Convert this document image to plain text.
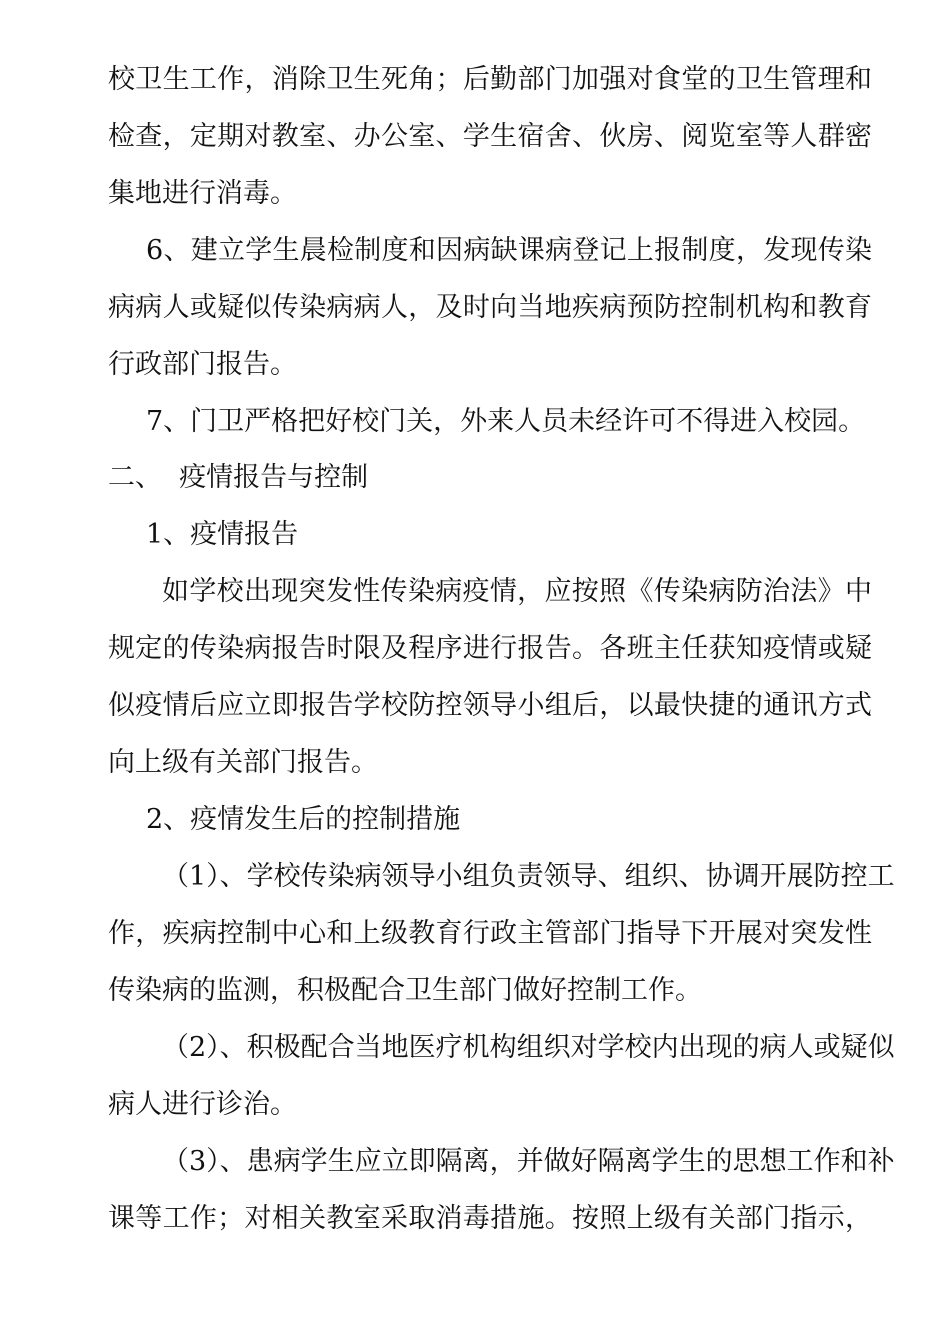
校卫生工作，消除卫生死角；后勤部门加强对食堂的卫生管理和
检查，定期对教室、办公室、学生宿舍、伙房、阅览室等人群密
集地进行消毒。
6、建立学生晨检制度和因病缺课病登记上报制度，发现传染
病病人或疑似传染病病人，及时向当地疾病预防控制机构和教育
行政部门报告。
7、门卫严格把好校门关，外来人员未经许可不得进入校园。
二、  疫情报告与控制
1、疫情报告
如学校出现突发性传染病疫情，应按照《传染病防治法》中
规定的传染病报告时限及程序进行报告。各班主任获知疫情或疑
似疫情后应立即报告学校防控领导小组后，以最快捷的通讯方式
向上级有关部门报告。
2、疫情发生后的控制措施
（1）、学校传染病领导小组负责领导、组织、协调开展防控工
作，疾病控制中心和上级教育行政主管部门指导下开展对突发性
传染病的监测，积极配合卫生部门做好控制工作。
（2）、积极配合当地医疗机构组织对学校内出现的病人或疑似
病人进行诊治。
（3）、患病学生应立即隔离，并做好隔离学生的思想工作和补
课等工作；对相关教室采取消毒措施。按照上级有关部门指示，
